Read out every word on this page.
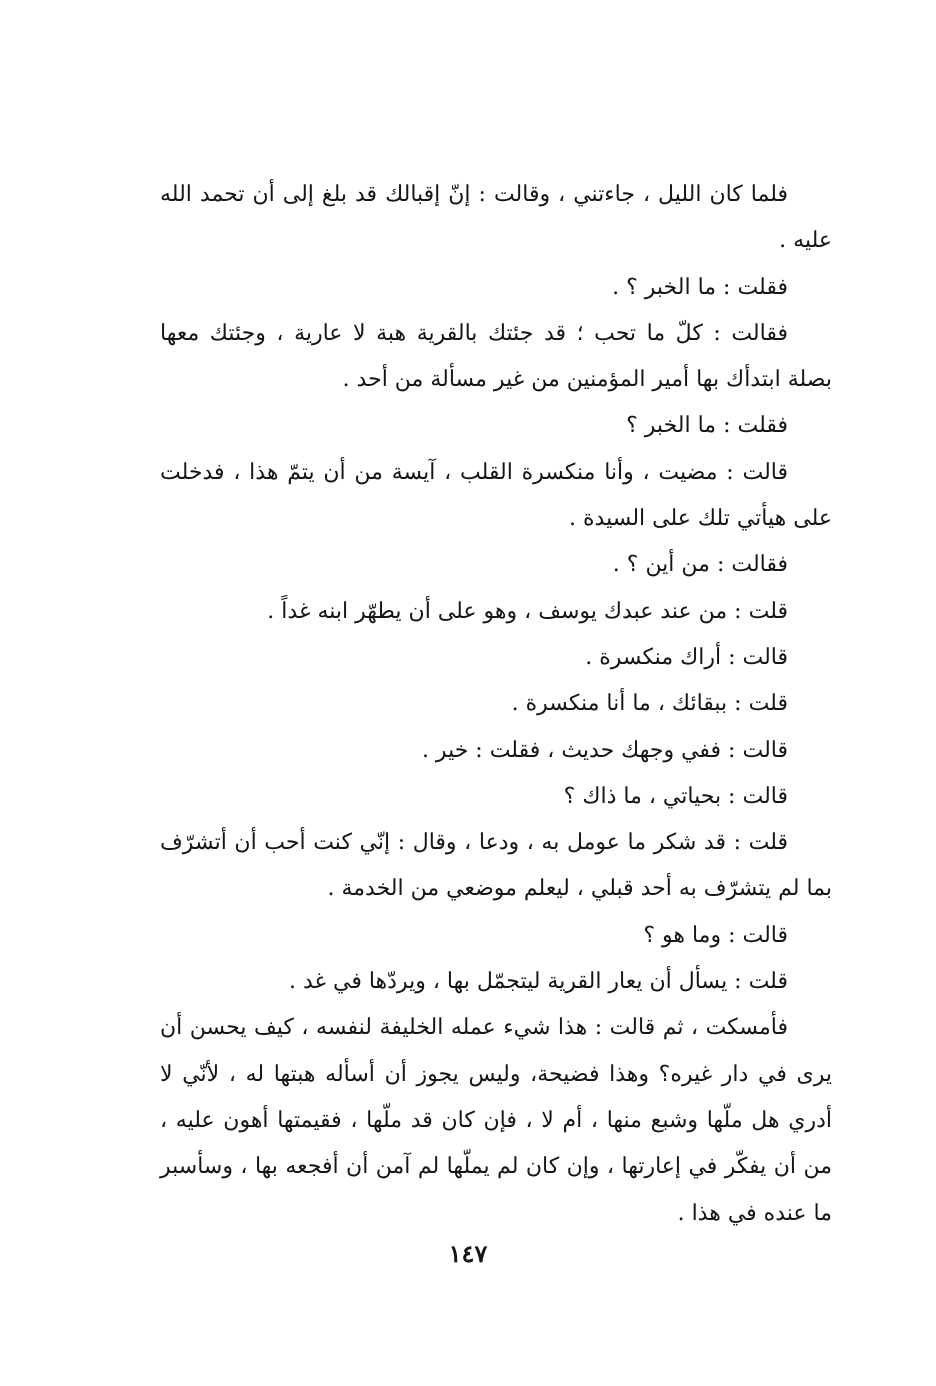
فلما كان الليل ، جاءتني ، وقالت : إنّ إقبالك قد بلغ إلى أن تحمد الله عليه .

فقلت : ما الخبر ؟ .

فقالت : كلّ ما تحب ؛ قد جئتك بالقرية هبة لا عارية ، وجئتك معها بصلة ابتدأك بها أمير المؤمنين من غير مسألة من أحد .

فقلت : ما الخبر ؟

قالت : مضيت ، وأنا منكسرة القلب ، آيسة من أن يتمّ هذا ، فدخلت على هيأتي تلك على السيدة .

فقالت : من أين ؟ .

قلت : من عند عبدك يوسف ، وهو على أن يطهّر ابنه غداً .

قالت : أراك منكسرة .

قلت : ببقائك ، ما أنا منكسرة .

قالت : ففي وجهك حديث ، فقلت : خير .

قالت : بحياتي ، ما ذاك ؟

قلت : قد شكر ما عومل به ، ودعا ، وقال : إنّي كنت أحب أن أتشرّف بما لم يتشرّف به أحد قبلي ، ليعلم موضعي من الخدمة .

قالت : وما هو ؟

قلت : يسأل أن يعار القرية ليتجمّل بها ، ويردّها في غد .

فأمسكت ، ثم قالت : هذا شيء عمله الخليفة لنفسه ، كيف يحسن أن يرى في دار غيره؟ وهذا فضيحة، وليس يجوز أن أسأله هبتها له ، لأنّي لا أدري هل ملّها وشبع منها ، أم لا ، فإن كان قد ملّها ، فقيمتها أهون عليه ، من أن يفكّر في إعارتها ، وإن كان لم يملّها لم آمن أن أفجعه بها ، وسأسبر ما عنده في هذا .

١٤٧
